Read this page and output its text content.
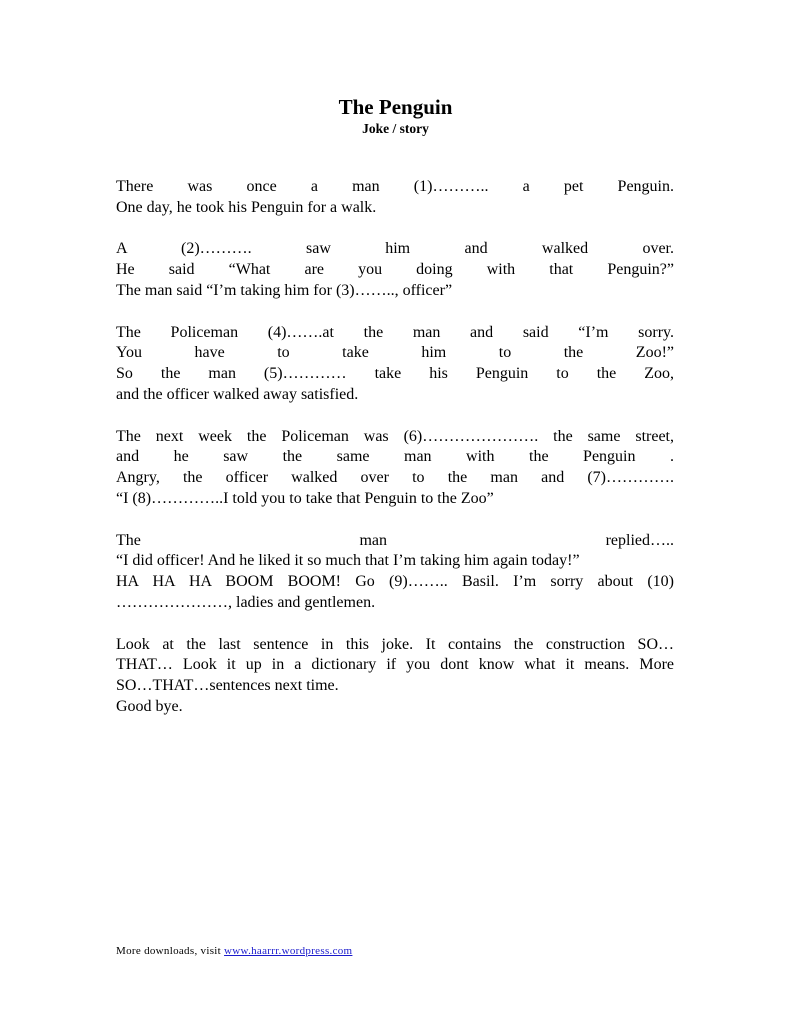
The Penguin
Joke / story
There was once a man (1)……….. a pet Penguin.
One day, he took his Penguin for a walk.
A (2)………. saw him and walked over.
He said “What are you doing with that Penguin?”
The man said “I’m taking him for (3)…….., officer”
The Policeman (4)…….at the man and said “I’m sorry.
You have to take him to the Zoo!”
So the man (5)………… take his Penguin to the Zoo,
and the officer walked away satisfied.
The next week the Policeman was (6)…………………. the same street,
and he saw the same man with the Penguin .
Angry, the officer walked over to the man and (7)………….
“I (8)…………..I told you to take that Penguin to the Zoo”
The man replied…..
“I did officer! And he liked it so much that I’m taking him again today!”
HA HA HA BOOM BOOM! Go (9)…….. Basil. I’m sorry about (10)
…………………, ladies and gentlemen.
Look at the last sentence in this joke. It contains the construction SO…
THAT… Look it up in a dictionary if you dont know what it means. More
SO…THAT…sentences next time.
Good bye.
More downloads, visit www.haarrr.wordpress.com
